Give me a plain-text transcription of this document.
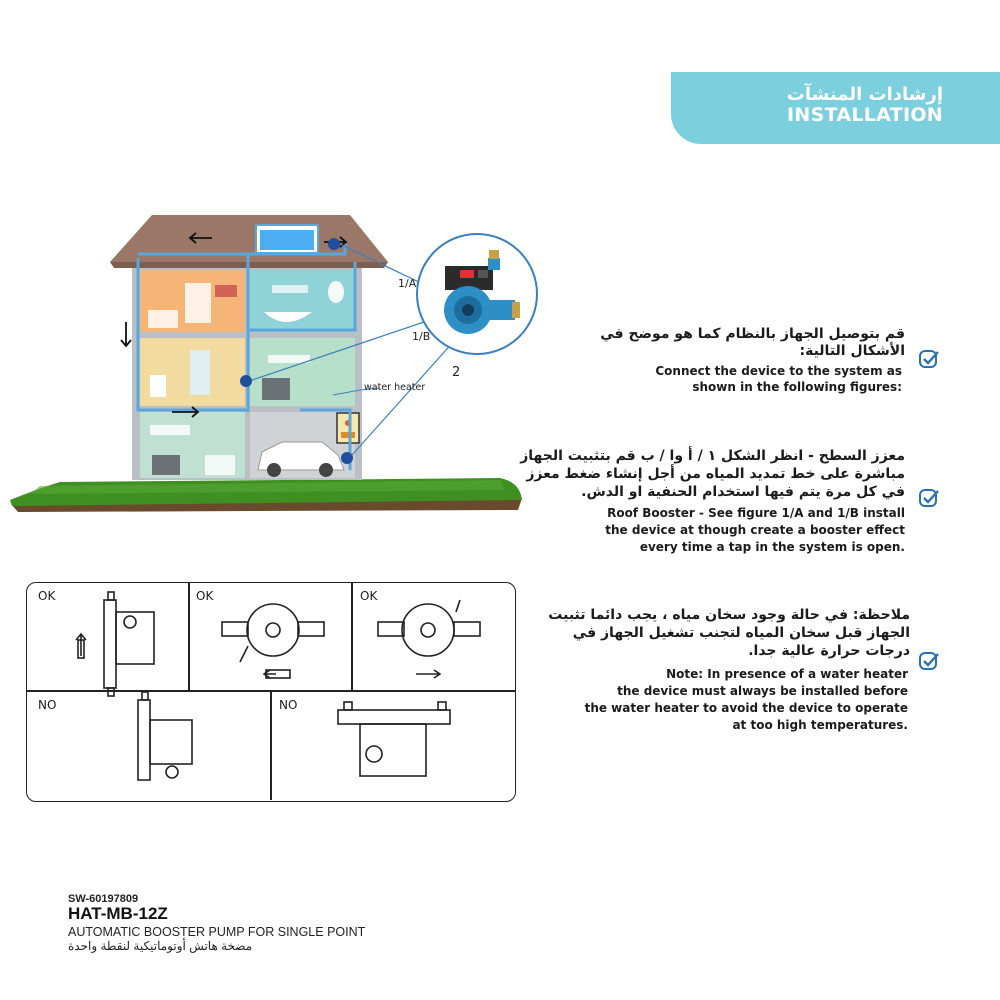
إرشادات المنشآت
INSTALLATION
1/A
1/B
2
water heater
OK	OK	OK
NO	NO
قم بتوصيل الجهاز بالنظام كما هو موضح في
الأشكال التالية:
Connect the device to the system as
shown in the following figures:
معزز السطح - انظر الشكل ١ / أ وا / ب قم بتثبيت الجهاز
مباشرة على خط تمديد المياه من أجل إنشاء ضغط معزز
في كل مرة يتم فيها استخدام الحنفية او الدش.
Roof Booster - See figure 1/A and 1/B install
the device at though create a booster effect
every time a tap in the system is open.
ملاحظة: في حالة وجود سخان مياه ، يجب دائما تثبيت
الجهاز قبل سخان المياه لتجنب تشغيل الجهاز في
درجات حرارة عالية جدا.
Note: In presence of a water heater
the device must always be installed before
the water heater to avoid the device to operate
at too high temperatures.
SW-60197809
HAT-MB-12Z
AUTOMATIC BOOSTER PUMP FOR SINGLE POINT
مضخة هاتش أوتوماتيكية لنقطة واحدة
